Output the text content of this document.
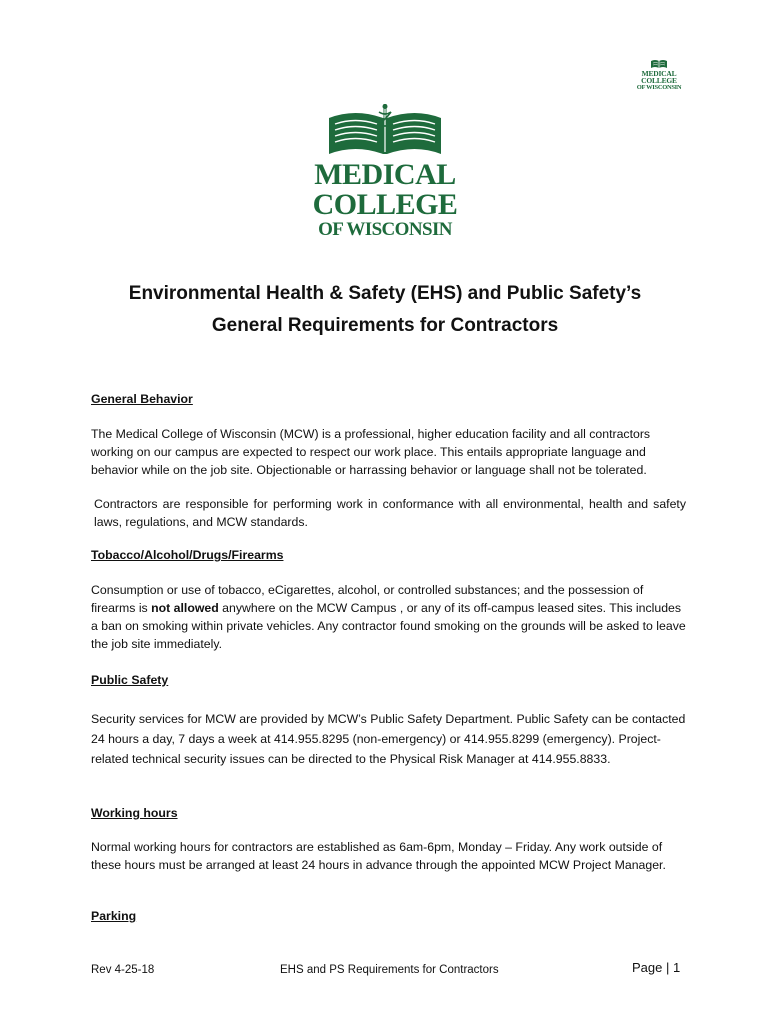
MEDICAL
COLLEGE
OF WISCONSIN
MEDICAL
COLLEGE
OF WISCONSIN
Environmental Health & Safety (EHS) and Public Safety’s
General Requirements for Contractors
General Behavior
The Medical College of Wisconsin (MCW) is a professional, higher education facility and all contractors working on our campus are expected to respect our work place. This entails appropriate language and behavior while on the job site. Objectionable or harrassing behavior or language shall not be tolerated.
Contractors are responsible for performing work in conformance with all environmental, health and safety laws, regulations, and MCW standards.
Tobacco/Alcohol/Drugs/Firearms
Consumption or use of tobacco, eCigarettes, alcohol, or controlled substances; and the possession of firearms is not allowed anywhere on the MCW Campus , or any of its off-campus leased sites. This includes a ban on smoking within private vehicles. Any contractor found smoking on the grounds will be asked to leave the job site immediately.
Public Safety
Security services for MCW are provided by MCW’s Public Safety Department. Public Safety can be contacted 24 hours a day, 7 days a week at 414.955.8295 (non-emergency) or 414.955.8299 (emergency). Project-related technical security issues can be directed to the Physical Risk Manager at 414.955.8833.
Working hours
Normal working hours for contractors are established as 6am-6pm, Monday – Friday. Any work outside of these hours must be arranged at least 24 hours in advance through the appointed MCW Project Manager.
Parking
Rev 4-25-18	EHS and PS Requirements for Contractors	Page | 1
